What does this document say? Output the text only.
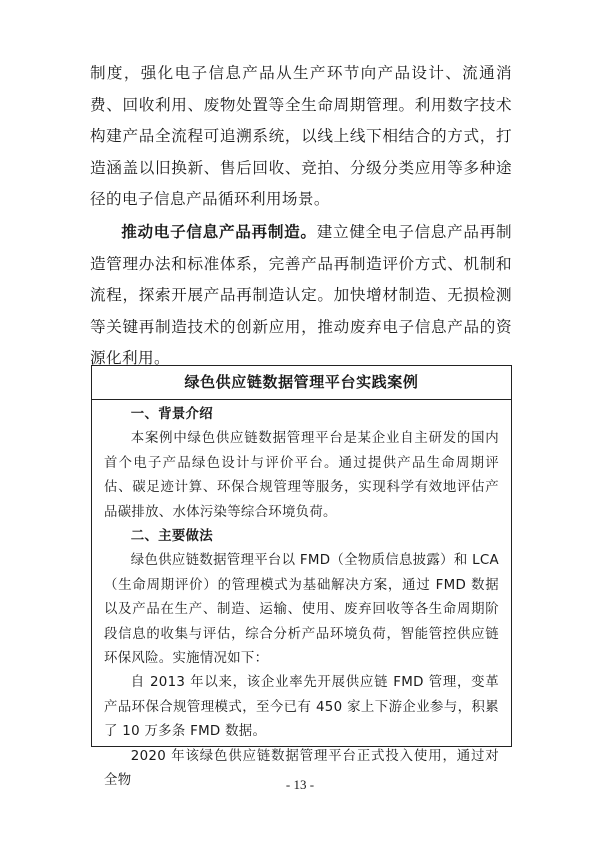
制度，强化电子信息产品从生产环节向产品设计、流通消费、回收利用、废物处置等全生命周期管理。利用数字技术构建产品全流程可追溯系统，以线上线下相结合的方式，打造涵盖以旧换新、售后回收、竞拍、分级分类应用等多种途径的电子信息产品循环利用场景。

推动电子信息产品再制造。建立健全电子信息产品再制造管理办法和标准体系，完善产品再制造评价方式、机制和流程，探索开展产品再制造认定。加快增材制造、无损检测等关键再制造技术的创新应用，推动废弃电子信息产品的资源化利用。

绿色供应链数据管理平台实践案例

一、背景介绍

本案例中绿色供应链数据管理平台是某企业自主研发的国内首个电子产品绿色设计与评价平台。通过提供产品生命周期评估、碳足迹计算、环保合规管理等服务，实现科学有效地评估产品碳排放、水体污染等综合环境负荷。

二、主要做法

绿色供应链数据管理平台以 FMD（全物质信息披露）和 LCA（生命周期评价）的管理模式为基础解决方案，通过 FMD 数据以及产品在生产、制造、运输、使用、废弃回收等各生命周期阶段信息的收集与评估，综合分析产品环境负荷，智能管控供应链环保风险。实施情况如下：

自 2013 年以来，该企业率先开展供应链 FMD 管理，变革产品环保合规管理模式，至今已有 450 家上下游企业参与，积累了 10 万多条 FMD 数据。

2020 年该绿色供应链数据管理平台正式投入使用，通过对全物	- 13 -
